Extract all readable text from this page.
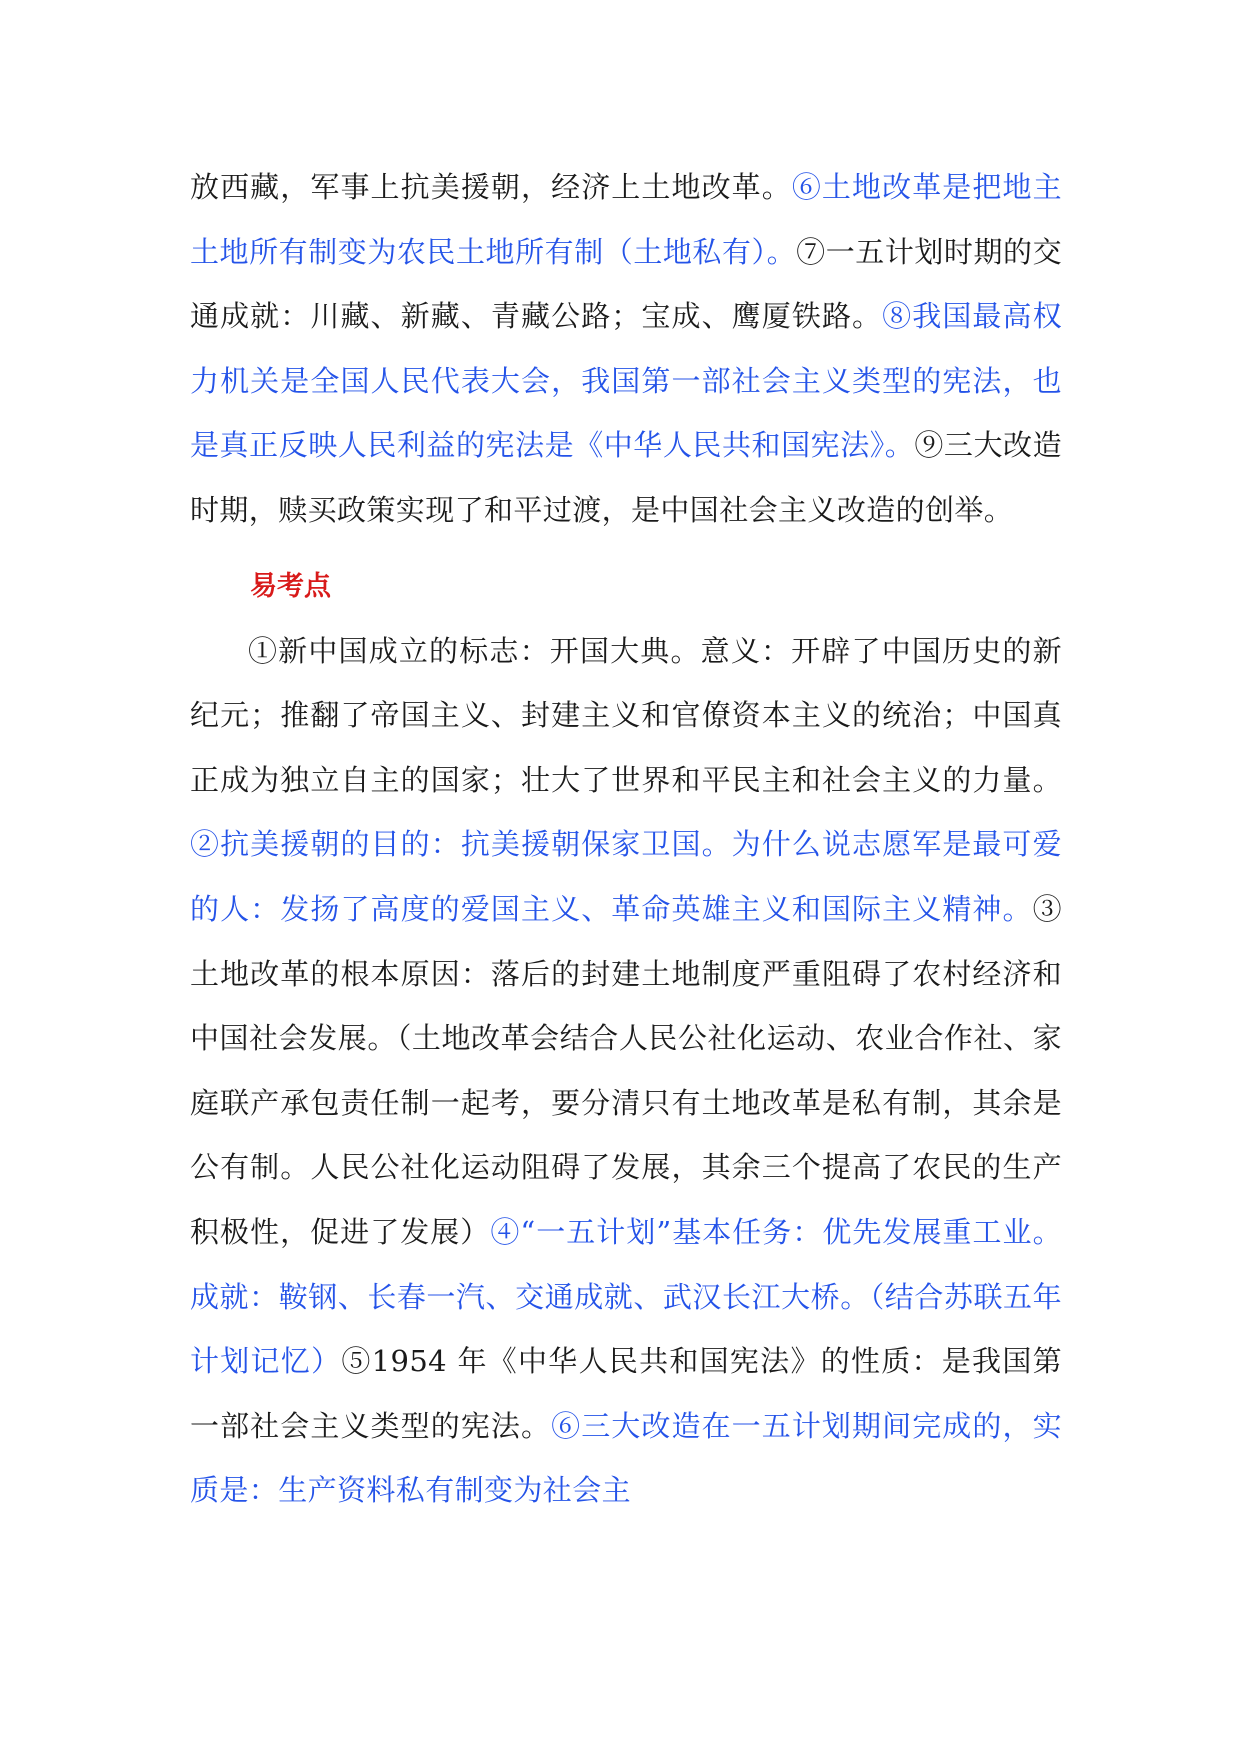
放西藏，军事上抗美援朝，经济上土地改革。⑥土地改革是把地主土地所有制变为农民土地所有制（土地私有）。⑦一五计划时期的交通成就：川藏、新藏、青藏公路；宝成、鹰厦铁路。⑧我国最高权力机关是全国人民代表大会，我国第一部社会主义类型的宪法，也是真正反映人民利益的宪法是《中华人民共和国宪法》。⑨三大改造时期，赎买政策实现了和平过渡，是中国社会主义改造的创举。

易考点

①新中国成立的标志：开国大典。意义：开辟了中国历史的新纪元；推翻了帝国主义、封建主义和官僚资本主义的统治；中国真正成为独立自主的国家；壮大了世界和平民主和社会主义的力量。②抗美援朝的目的：抗美援朝保家卫国。为什么说志愿军是最可爱的人：发扬了高度的爱国主义、革命英雄主义和国际主义精神。③土地改革的根本原因：落后的封建土地制度严重阻碍了农村经济和中国社会发展。（土地改革会结合人民公社化运动、农业合作社、家庭联产承包责任制一起考，要分清只有土地改革是私有制，其余是公有制。人民公社化运动阻碍了发展，其余三个提高了农民的生产积极性，促进了发展）④“一五计划”基本任务：优先发展重工业。成就：鞍钢、长春一汽、交通成就、武汉长江大桥。（结合苏联五年计划记忆）⑤1954 年《中华人民共和国宪法》的性质：是我国第一部社会主义类型的宪法。⑥三大改造在一五计划期间完成的，实质是：生产资料私有制变为社会主
